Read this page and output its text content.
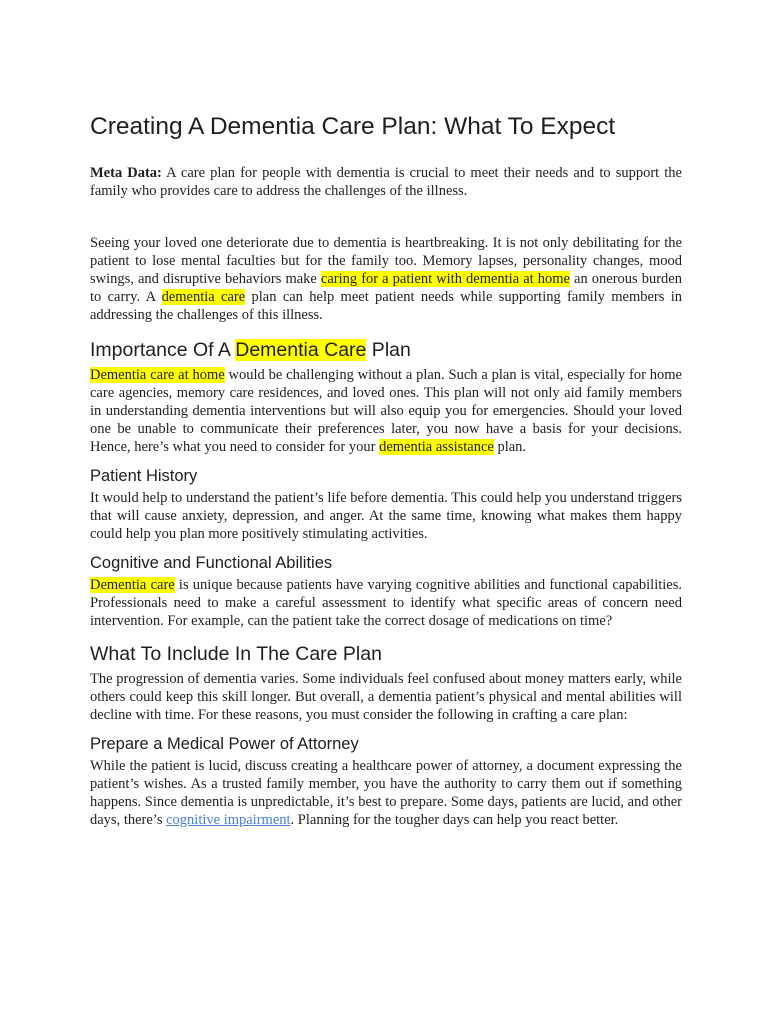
Creating A Dementia Care Plan: What To Expect

Meta Data: A care plan for people with dementia is crucial to meet their needs and to support the family who provides care to address the challenges of the illness.

Seeing your loved one deteriorate due to dementia is heartbreaking. It is not only debilitating for the patient to lose mental faculties but for the family too. Memory lapses, personality changes, mood swings, and disruptive behaviors make caring for a patient with dementia at home an onerous burden to carry. A dementia care plan can help meet patient needs while supporting family members in addressing the challenges of this illness.

Importance Of A Dementia Care Plan

Dementia care at home would be challenging without a plan. Such a plan is vital, especially for home care agencies, memory care residences, and loved ones. This plan will not only aid family members in understanding dementia interventions but will also equip you for emergencies. Should your loved one be unable to communicate their preferences later, you now have a basis for your decisions. Hence, here’s what you need to consider for your dementia assistance plan.

Patient History

It would help to understand the patient’s life before dementia. This could help you understand triggers that will cause anxiety, depression, and anger. At the same time, knowing what makes them happy could help you plan more positively stimulating activities.

Cognitive and Functional Abilities

Dementia care is unique because patients have varying cognitive abilities and functional capabilities. Professionals need to make a careful assessment to identify what specific areas of concern need intervention. For example, can the patient take the correct dosage of medications on time?

What To Include In The Care Plan

The progression of dementia varies. Some individuals feel confused about money matters early, while others could keep this skill longer. But overall, a dementia patient’s physical and mental abilities will decline with time. For these reasons, you must consider the following in crafting a care plan:

Prepare a Medical Power of Attorney

While the patient is lucid, discuss creating a healthcare power of attorney, a document expressing the patient’s wishes. As a trusted family member, you have the authority to carry them out if something happens. Since dementia is unpredictable, it’s best to prepare. Some days, patients are lucid, and other days, there’s cognitive impairment. Planning for the tougher days can help you react better.
